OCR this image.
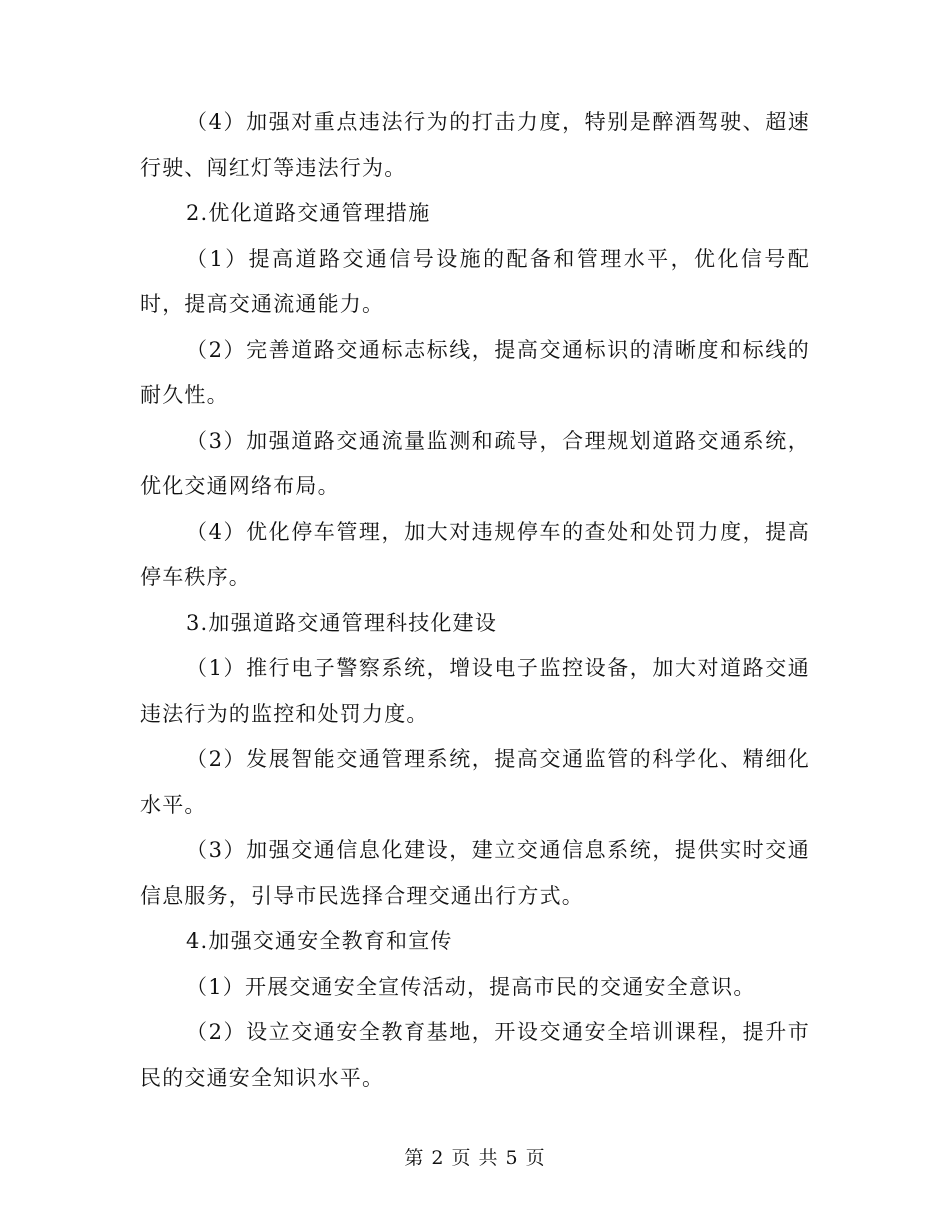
（4）加强对重点违法行为的打击力度，特别是醉酒驾驶、超速行驶、闯红灯等违法行为。

2.优化道路交通管理措施

（1）提高道路交通信号设施的配备和管理水平，优化信号配时，提高交通流通能力。

（2）完善道路交通标志标线，提高交通标识的清晰度和标线的耐久性。

（3）加强道路交通流量监测和疏导，合理规划道路交通系统，优化交通网络布局。

（4）优化停车管理，加大对违规停车的查处和处罚力度，提高停车秩序。

3.加强道路交通管理科技化建设

（1）推行电子警察系统，增设电子监控设备，加大对道路交通违法行为的监控和处罚力度。

（2）发展智能交通管理系统，提高交通监管的科学化、精细化水平。

（3）加强交通信息化建设，建立交通信息系统，提供实时交通信息服务，引导市民选择合理交通出行方式。

4.加强交通安全教育和宣传

（1）开展交通安全宣传活动，提高市民的交通安全意识。

（2）设立交通安全教育基地，开设交通安全培训课程，提升市民的交通安全知识水平。

第 2 页 共 5 页
